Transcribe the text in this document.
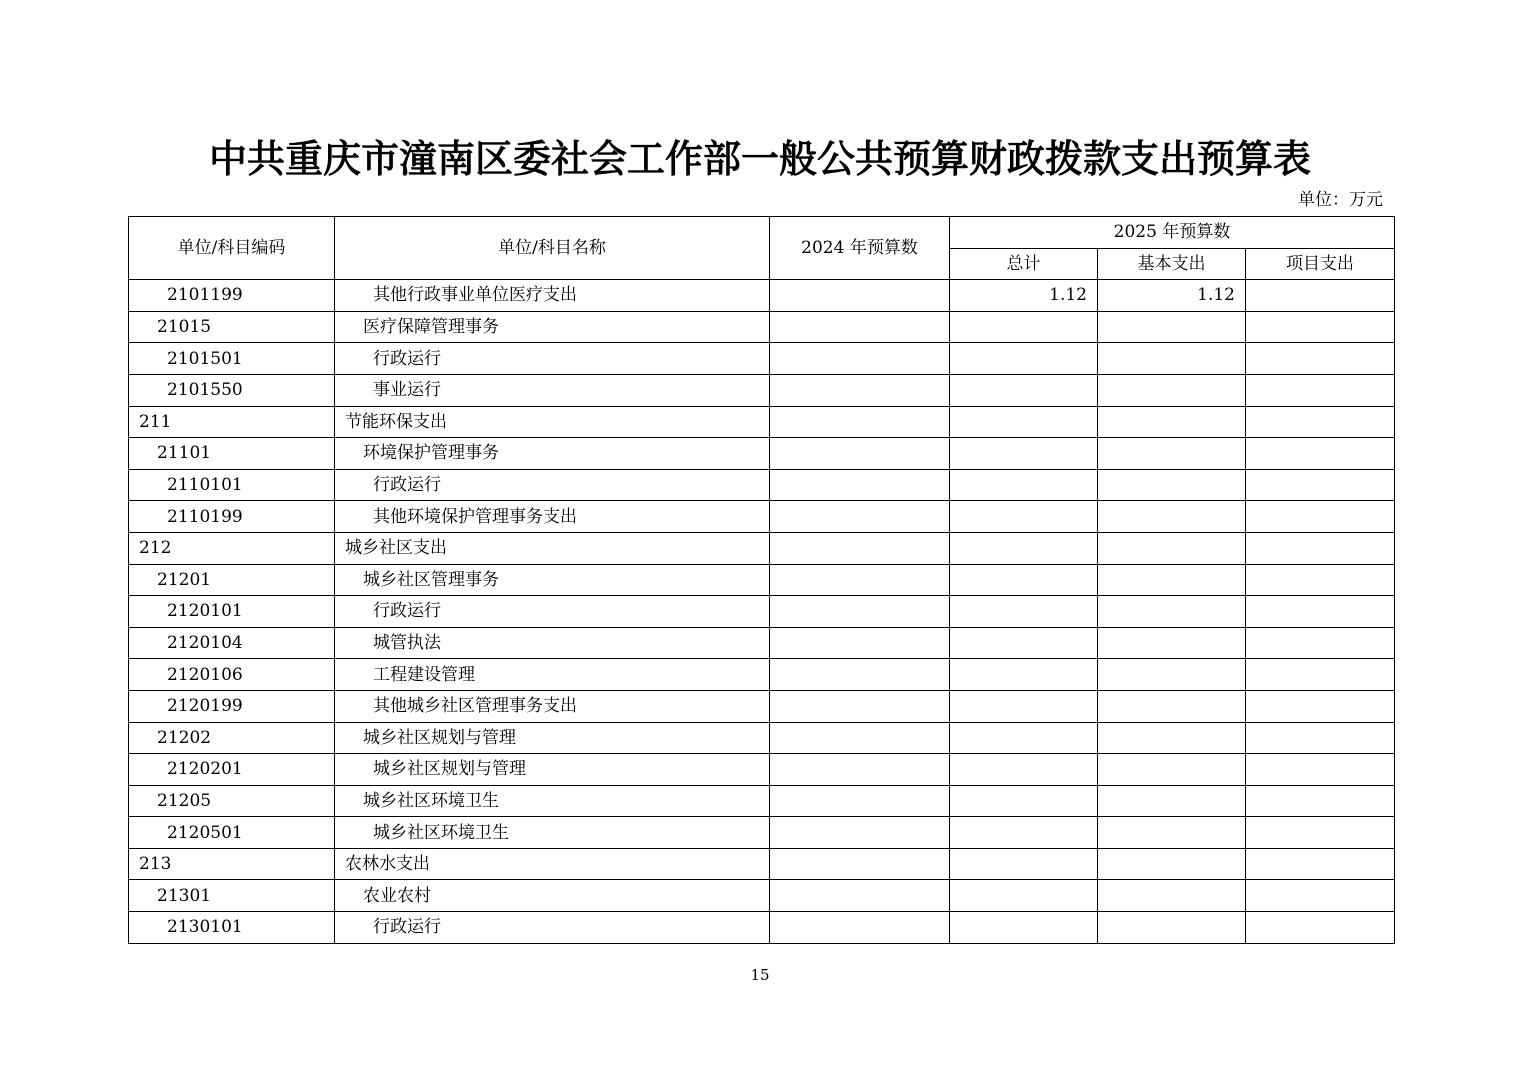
中共重庆市潼南区委社会工作部一般公共预算财政拨款支出预算表
单位：万元
单位/科目编码	单位/科目名称	2024 年预算数	2025 年预算数		
			总计	基本支出	项目支出
2101199	其他行政事业单位医疗支出		1.12	1.12	
21015	医疗保障管理事务				
2101501	行政运行				
2101550	事业运行				
211	节能环保支出				
21101	环境保护管理事务				
2110101	行政运行				
2110199	其他环境保护管理事务支出				
212	城乡社区支出				
21201	城乡社区管理事务				
2120101	行政运行				
2120104	城管执法				
2120106	工程建设管理				
2120199	其他城乡社区管理事务支出				
21202	城乡社区规划与管理				
2120201	城乡社区规划与管理				
21205	城乡社区环境卫生				
2120501	城乡社区环境卫生				
213	农林水支出				
21301	农业农村				
2130101	行政运行				
15
